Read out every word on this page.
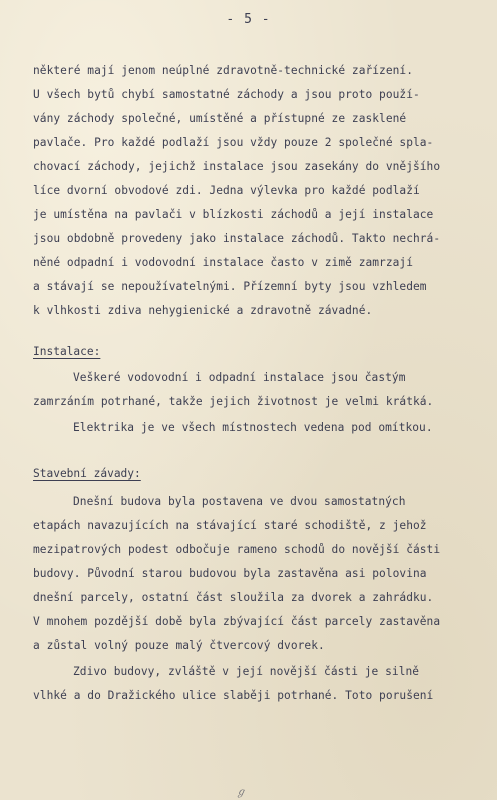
- 5 -
některé mají jenom neúplné zdravotně-technické zařízení.
U všech bytů chybí samostatné záchody a jsou proto použí-
vány záchody společné, umístěné a přístupné ze zasklené
pavlače. Pro každé podlaží jsou vždy pouze 2 společné spla-
chovací záchody, jejichž instalace jsou zasekány do vnějšího
líce dvorní obvodové zdi. Jedna výlevka pro každé podlaží
je umístěna na pavlači v blízkosti záchodů a její instalace
jsou obdobně provedeny jako instalace záchodů. Takto nechrá-
něné odpadní i vodovodní instalace často v zimě zamrzají
a stávají se nepoužívatelnými. Přízemní byty jsou vzhledem
k vlhkosti zdiva nehygienické a zdravotně závadné.
Instalace:
Veškeré vodovodní i odpadní instalace jsou častým
zamrzáním potrhané, takže jejich životnost je velmi krátká.
Elektrika je ve všech místnostech vedena pod omítkou.
Stavební závady:
Dnešní budova byla postavena ve dvou samostatných
etapách navazujících na stávající staré schodiště, z jehož
mezipatrových podest odbočuje rameno schodů do novější části
budovy. Původní starou budovou byla zastavěna asi polovina
dnešní parcely, ostatní část sloužila za dvorek a zahrádku.
V mnohem pozdější době byla zbývající část parcely zastavěna
a zůstal volný pouze malý čtvercový dvorek.
Zdivo budovy, zvláště v její novější části je silně
vlhké a do Dražického ulice slaběji potrhané. Toto porušení
ℊ
